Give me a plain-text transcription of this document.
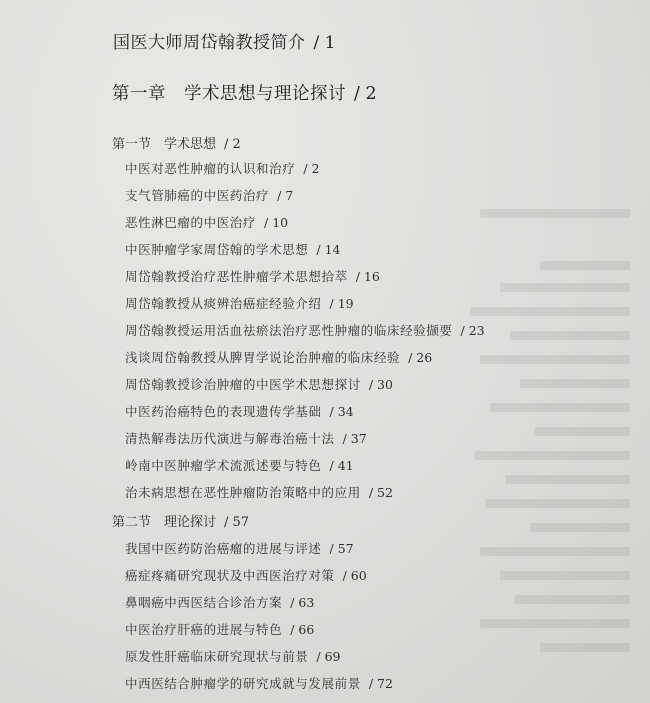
国医大师周岱翰教授简介 / 1
第一章　学术思想与理论探讨 / 2
第一节　学术思想 / 2
中医对恶性肿瘤的认识和治疗 / 2
支气管肺癌的中医药治疗 / 7
恶性淋巴瘤的中医治疗 / 10
中医肿瘤学家周岱翰的学术思想 / 14
周岱翰教授治疗恶性肿瘤学术思想拾萃 / 16
周岱翰教授从痰辨治癌症经验介绍 / 19
周岱翰教授运用活血祛瘀法治疗恶性肿瘤的临床经验撷要 / 23
浅谈周岱翰教授从脾胃学说论治肿瘤的临床经验 / 26
周岱翰教授诊治肿瘤的中医学术思想探讨 / 30
中医药治癌特色的表现遗传学基础 / 34
清热解毒法历代演进与解毒治癌十法 / 37
岭南中医肿瘤学术流派述要与特色 / 41
治未病思想在恶性肿瘤防治策略中的应用 / 52
第二节　理论探讨 / 57
我国中医药防治癌瘤的进展与评述 / 57
癌症疼痛研究现状及中西医治疗对策 / 60
鼻咽癌中西医结合诊治方案 / 63
中医治疗肝癌的进展与特色 / 66
原发性肝癌临床研究现状与前景 / 69
中西医结合肿瘤学的研究成就与发展前景 / 72
